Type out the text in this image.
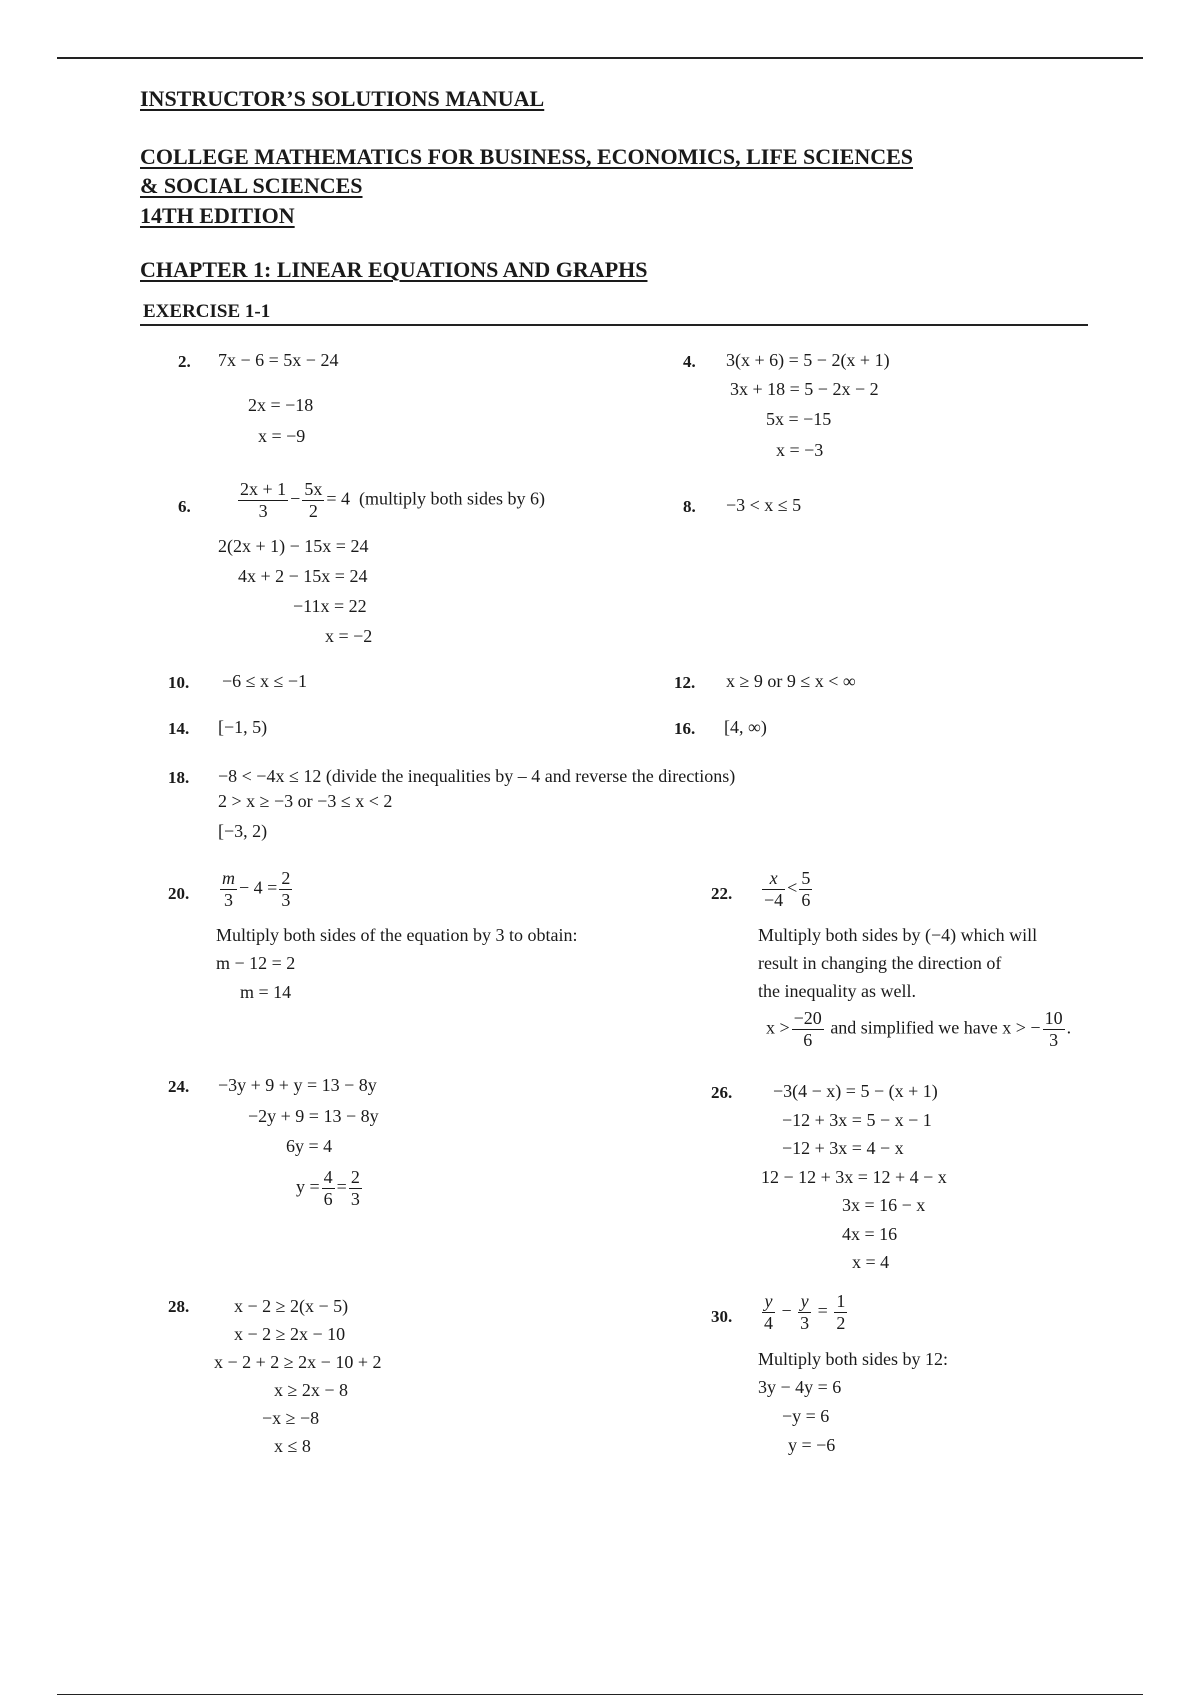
INSTRUCTOR’S SOLUTIONS MANUAL
COLLEGE MATHEMATICS FOR BUSINESS, ECONOMICS, LIFE SCIENCES
& SOCIAL SCIENCES
14TH EDITION
CHAPTER 1: LINEAR EQUATIONS AND GRAPHS
EXERCISE 1-1
2. 7x − 6 = 5x − 24
2x = −18
x = −9
4. 3(x + 6) = 5 − 2(x + 1)
3x + 18 = 5 − 2x − 2
5x = −15
x = −3
6.	$\frac{2x + 1}{3} - \frac{5x}{2} = 4$ (multiply both sides by 6)
2(2x + 1) − 15x = 24
4x + 2 − 15x = 24
−11x = 22
x = −2
8. −3 < x ≤ 5
10. −6 ≤ x ≤ −1	12. x ≥ 9 or 9 ≤ x < ∞
14. [−1, 5)	16. [4, ∞)
18. −8 < −4x ≤ 12 (divide the inequalities by – 4 and reverse the directions)
2 > x ≥ −3 or −3 ≤ x < 2
[−3, 2)
20. $\frac{m}{3} - 4 = \frac{2}{3}$
Multiply both sides of the equation by 3 to obtain:
m − 12 = 2
m = 14
22. $\frac{x}{-4} < \frac{5}{6}$
Multiply both sides by (−4) which will
result in changing the direction of
the inequality as well.
$x > \frac{-20}{6}$ and simplified we have x > − $\frac{10}{3}$ .
24. −3y + 9 + y = 13 − 8y
−2y + 9 = 13 − 8y
6y = 4
$y = \frac{4}{6} = \frac{2}{3}$
26. −3(4 − x) = 5 − (x + 1)
−12 + 3x = 5 − x − 1
−12 + 3x = 4 − x
12 − 12 + 3x = 12 + 4 − x
3x = 16 − x
4x = 16
x = 4
28. x − 2 ≥ 2(x − 5)
x − 2 ≥ 2x − 10
x − 2 + 2 ≥ 2x − 10 + 2
x ≥ 2x − 8
−x ≥ −8
x ≤ 8
30. $\frac{y}{4} - \frac{y}{3} = \frac{1}{2}$
Multiply both sides by 12:
3y − 4y = 6
−y = 6
y = −6
